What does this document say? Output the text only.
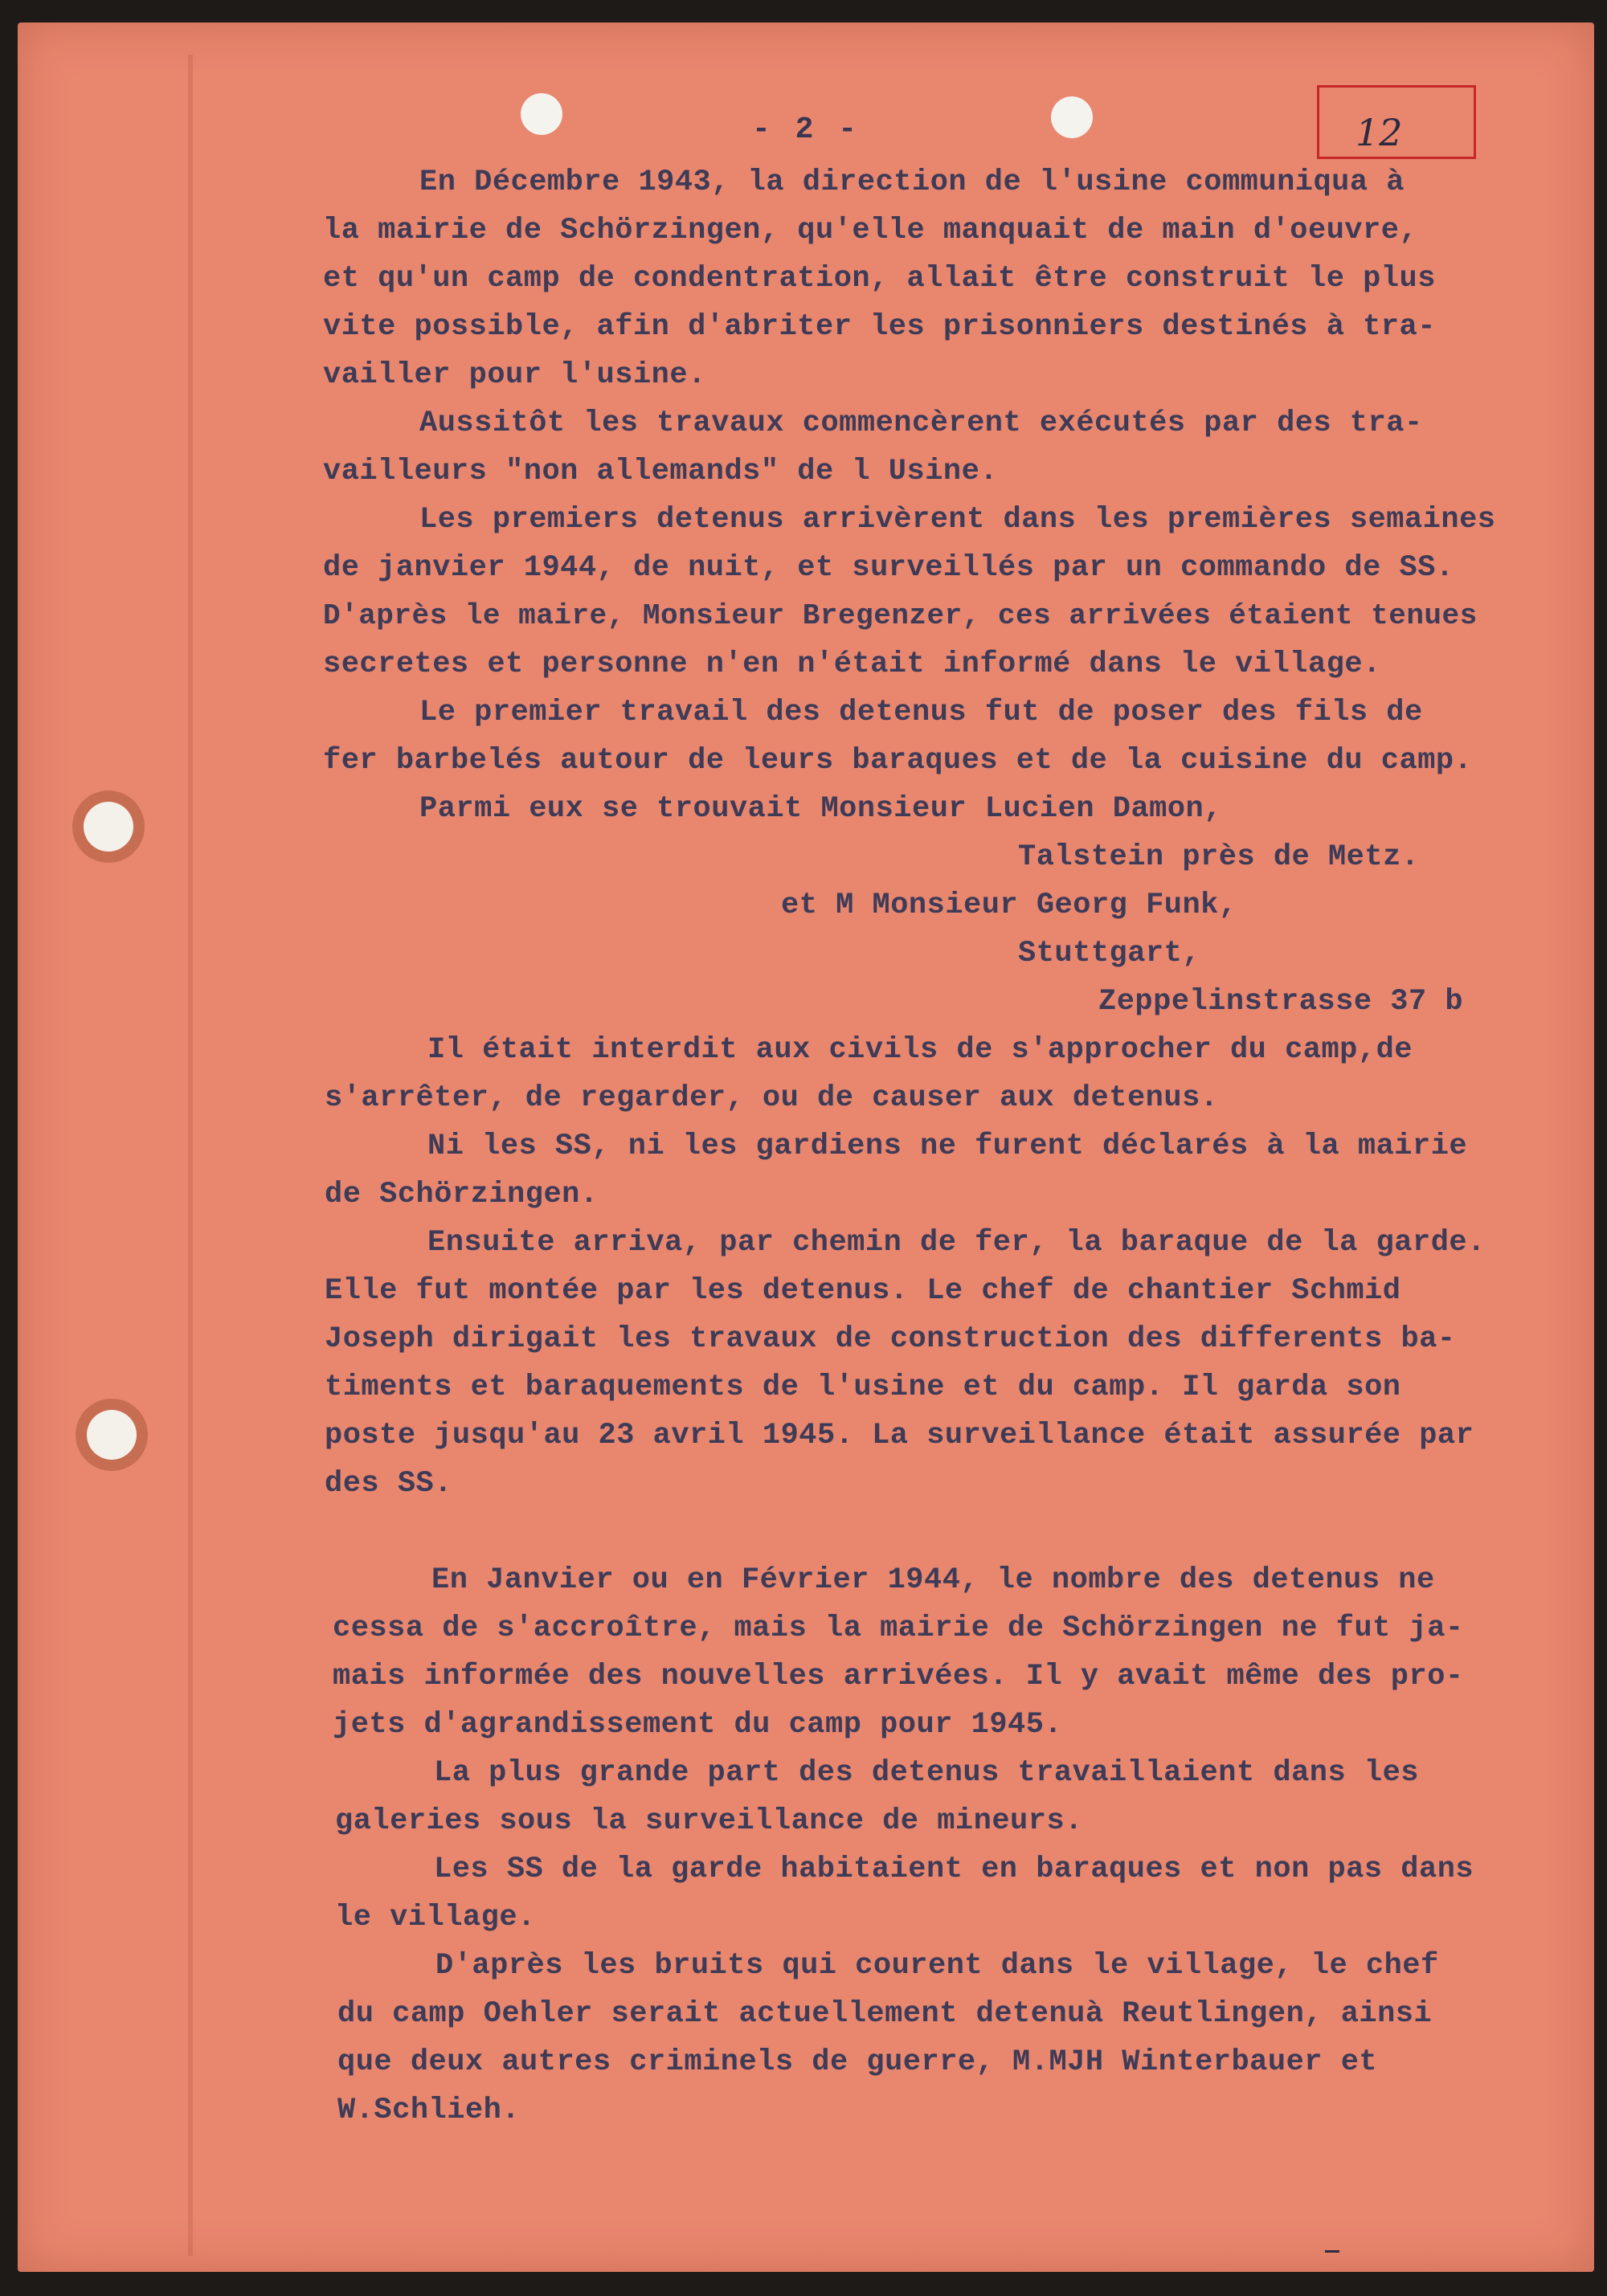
- 2 -	12
En Décembre 1943, la direction de l'usine communiqua à
la mairie de Schörzingen, qu'elle manquait de main d'oeuvre,
et qu'un camp de condentration, allait être construit le plus
vite possible, afin d'abriter les prisonniers destinés à tra-
vailler pour l'usine.
Aussitôt les travaux commencèrent exécutés par des tra-
vailleurs "non allemands" de l Usine.
Les premiers detenus arrivèrent dans les premières semaines
de janvier 1944, de nuit, et surveillés par un commando de SS.
D'après le maire, Monsieur Bregenzer, ces arrivées étaient tenues
secretes et personne n'en n'était informé dans le village.
Le premier travail des detenus fut de poser des fils de
fer barbelés autour de leurs baraques et de la cuisine du camp.
Parmi eux se trouvait Monsieur Lucien Damon,
Talstein près de Metz.
et M Monsieur Georg Funk,
Stuttgart,
Zeppelinstrasse 37 b
Il était interdit aux civils de s'approcher du camp,de
s'arrêter, de regarder, ou de causer aux detenus.
Ni les SS, ni les gardiens ne furent déclarés à la mairie
de Schörzingen.
Ensuite arriva, par chemin de fer, la baraque de la garde.
Elle fut montée par les detenus. Le chef de chantier Schmid
Joseph dirigait les travaux de construction des differents ba-
timents et baraquements de l'usine et du camp. Il garda son
poste jusqu'au 23 avril 1945. La surveillance était assurée par
des SS.
En Janvier ou en Février 1944, le nombre des detenus ne
cessa de s'accroître, mais la mairie de Schörzingen ne fut ja-
mais informée des nouvelles arrivées. Il y avait même des pro-
jets d'agrandissement du camp pour 1945.
La plus grande part des detenus travaillaient dans les
galeries sous la surveillance de mineurs.
Les SS de la garde habitaient en baraques et non pas dans
le village.
D'après les bruits qui courent dans le village, le chef
du camp Oehler serait actuellement detenuà Reutlingen, ainsi
que deux autres criminels de guerre, M.MJH Winterbauer et
W.Schlieh.
